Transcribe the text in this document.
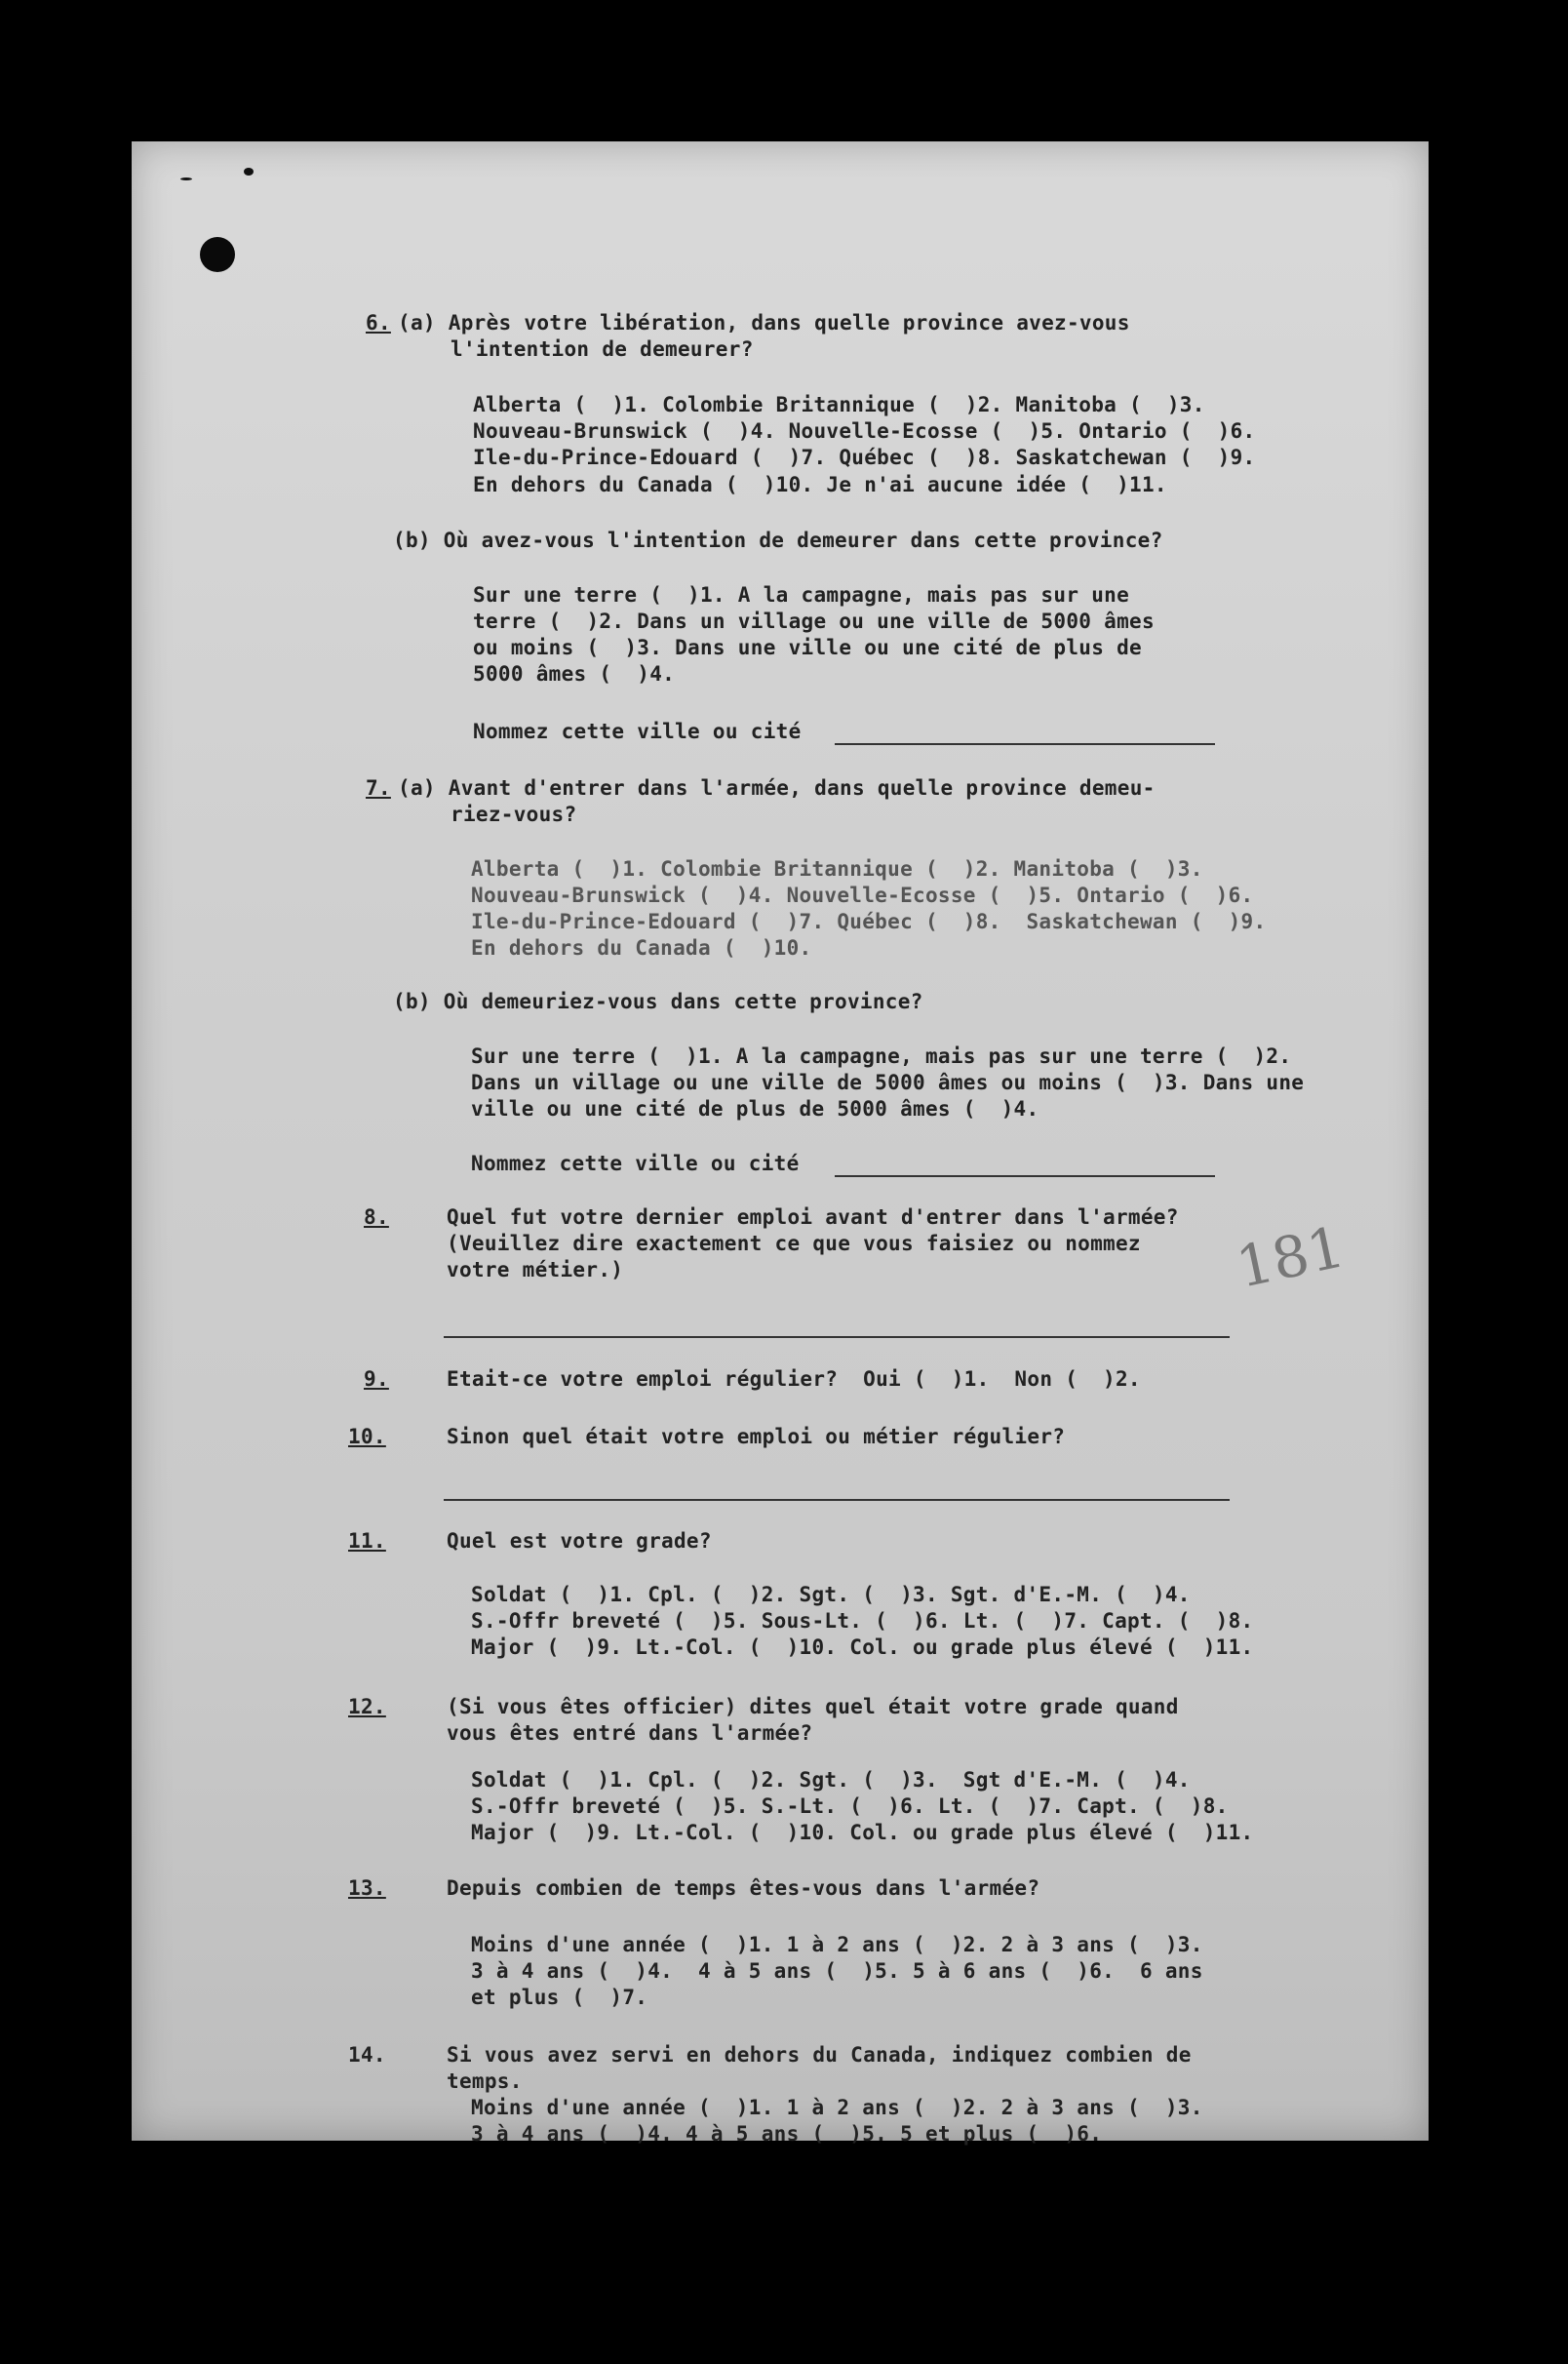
6. (a) Après votre libération, dans quelle province avez-vous
l'intention de demeurer?
Alberta (  )1. Colombie Britannique (  )2. Manitoba (  )3.
Nouveau-Brunswick (  )4. Nouvelle-Ecosse (  )5. Ontario (  )6.
Ile-du-Prince-Edouard (  )7. Québec (  )8. Saskatchewan (  )9.
En dehors du Canada (  )10. Je n'ai aucune idée (  )11.
(b) Où avez-vous l'intention de demeurer dans cette province?
Sur une terre (  )1. A la campagne, mais pas sur une
terre (  )2. Dans un village ou une ville de 5000 âmes
ou moins (  )3. Dans une ville ou une cité de plus de
5000 âmes (  )4.
Nommez cette ville ou cité
7. (a) Avant d'entrer dans l'armée, dans quelle province demeu-
riez-vous?
Alberta (  )1. Colombie Britannique (  )2. Manitoba (  )3.
Nouveau-Brunswick (  )4. Nouvelle-Ecosse (  )5. Ontario (  )6.
Ile-du-Prince-Edouard (  )7. Québec (  )8.  Saskatchewan (  )9.
En dehors du Canada (  )10.
(b) Où demeuriez-vous dans cette province?
Sur une terre (  )1. A la campagne, mais pas sur une terre (  )2.
Dans un village ou une ville de 5000 âmes ou moins (  )3. Dans une
ville ou une cité de plus de 5000 âmes (  )4.
Nommez cette ville ou cité
8.	Quel fut votre dernier emploi avant d'entrer dans l'armée?
(Veuillez dire exactement ce que vous faisiez ou nommez
votre métier.)	181
9.	Etait-ce votre emploi régulier?  Oui (  )1.  Non (  )2.
10.	Sinon quel était votre emploi ou métier régulier?
11.	Quel est votre grade?
Soldat (  )1. Cpl. (  )2. Sgt. (  )3. Sgt. d'E.-M. (  )4.
S.-Offr breveté (  )5. Sous-Lt. (  )6. Lt. (  )7. Capt. (  )8.
Major (  )9. Lt.-Col. (  )10. Col. ou grade plus élevé (  )11.
12.	(Si vous êtes officier) dites quel était votre grade quand
vous êtes entré dans l'armée?
Soldat (  )1. Cpl. (  )2. Sgt. (  )3.  Sgt d'E.-M. (  )4.
S.-Offr breveté (  )5. S.-Lt. (  )6. Lt. (  )7. Capt. (  )8.
Major (  )9. Lt.-Col. (  )10. Col. ou grade plus élevé (  )11.
13.	Depuis combien de temps êtes-vous dans l'armée?
Moins d'une année (  )1. 1 à 2 ans (  )2. 2 à 3 ans (  )3.
3 à 4 ans (  )4.  4 à 5 ans (  )5. 5 à 6 ans (  )6.  6 ans
et plus (  )7.
14.	Si vous avez servi en dehors du Canada, indiquez combien de
temps.
Moins d'une année (  )1. 1 à 2 ans (  )2. 2 à 3 ans (  )3.
3 à 4 ans (  )4. 4 à 5 ans (  )5. 5 et plus (  )6.
